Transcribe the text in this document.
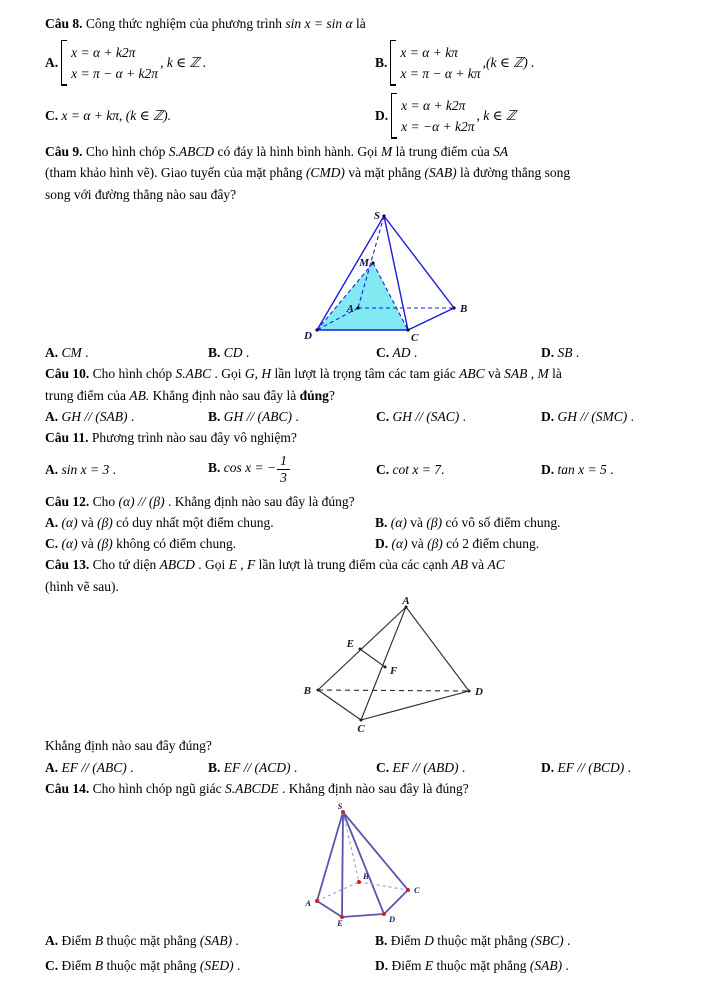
Câu 8. Công thức nghiệm của phương trình sin x = sin α là
A.
x = α + k2π
x = π − α + k2π
, k ∈ ℤ .	B.
x = α + kπ
x = π − α + kπ
,(k ∈ ℤ) .
C. x = α + kπ, (k ∈ ℤ).	D.
x = α + k2π
x = −α + k2π
, k ∈ ℤ
Câu 9. Cho hình chóp S.ABCD có đáy là hình bình hành. Gọi M là trung điểm của SA
(tham khảo hình vẽ). Giao tuyến của mặt phẳng (CMD) và mặt phẳng (SAB) là đường thẳng song
song với đường thẳng nào sau đây?
S
M
A	B
C
D
A. CM .	B. CD .	C. AD .	D. SB .
Câu 10. Cho hình chóp S.ABC . Gọi G, H lần lượt là trọng tâm các tam giác ABC và SAB , M là
trung điểm của AB. Khẳng định nào sau đây là đúng?
A. GH // (SAB) .	B. GH // (ABC) .	C. GH // (SAC) .	D. GH // (SMC) .
Câu 11. Phương trình nào sau đây vô nghiệm?
A. sin x = 3 .	B. cos x = − $\frac{1}{3}$	C. cot x = 7.	D. tan x = 5 .
Câu 12. Cho (α) // (β) . Khẳng định nào sau đây là đúng?
A. (α) và (β) có duy nhất một điểm chung.	B. (α) và (β) có vô số điểm chung.
C. (α) và (β) không có điểm chung.	D. (α) và (β) có 2 điểm chung.
Câu 13. Cho tứ diện ABCD . Gọi E , F lần lượt là trung điểm của các cạnh AB và AC
(hình vẽ sau).
A
E
F
B	D
C
Khẳng định nào sau đây đúng?
A. EF // (ABC) .	B. EF // (ACD) .	C. EF // (ABD) .	D. EF // (BCD) .
Câu 14. Cho hình chóp ngũ giác S.ABCDE . Khẳng định nào sau đây là đúng?
S
A
B
C
D
E
A. Điểm B thuộc mặt phẳng (SAB) .	B. Điểm D thuộc mặt phẳng (SBC) .
C. Điểm B thuộc mặt phẳng (SED) .	D. Điểm E thuộc mặt phẳng (SAB) .
